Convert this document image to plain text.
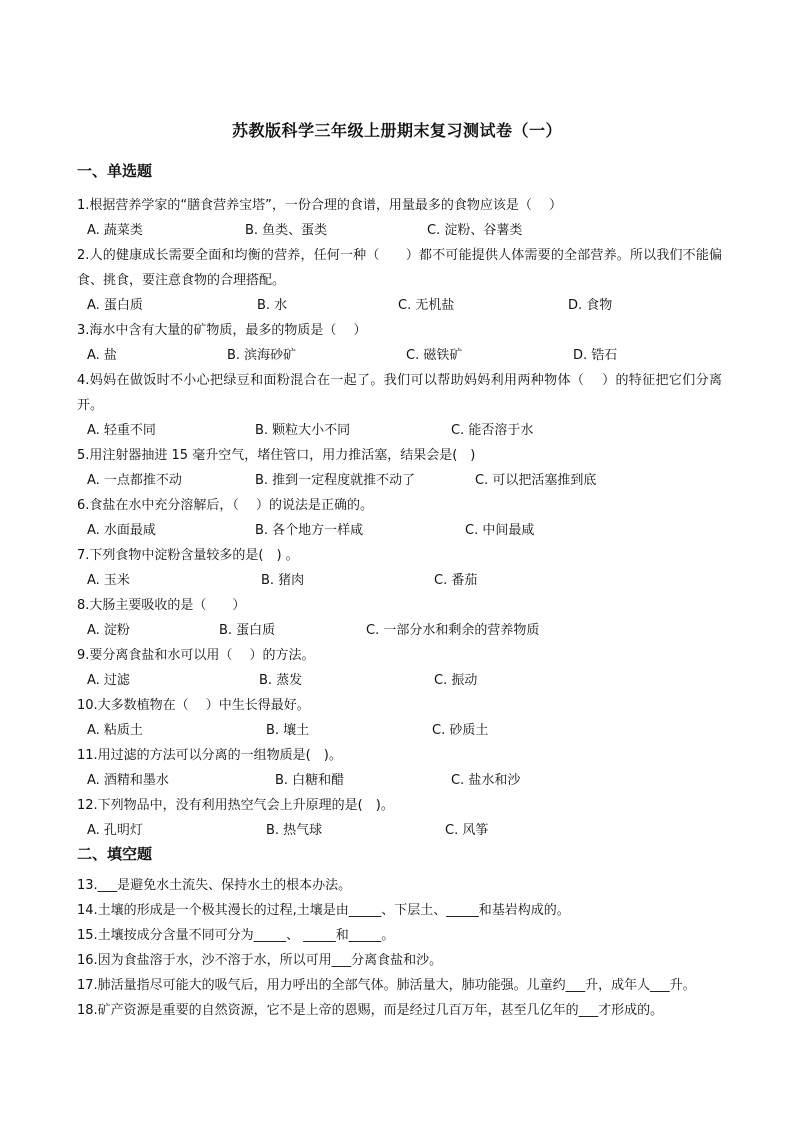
苏教版科学三年级上册期末复习测试卷（一）
一、单选题
1.根据营养学家的“膳食营养宝塔”，一份合理的食谱，用量最多的食物应该是（　 ）
A. 蔬菜类	B. 鱼类、蛋类	C. 淀粉、谷薯类
2.人的健康成长需要全面和均衡的营养，任何一种（　　）都不可能提供人体需要的全部营养。所以我们不能偏食、挑食，要注意食物的合理搭配。
A. 蛋白质	B. 水	C. 无机盐	D. 食物
3.海水中含有大量的矿物质，最多的物质是（　 ）
A. 盐	B. 滨海砂矿	C. 磁铁矿	D. 锆石
4.妈妈在做饭时不小心把绿豆和面粉混合在一起了。我们可以帮助妈妈利用两种物体（　 ）的特征把它们分离开。
A. 轻重不同	B. 颗粒大小不同	C. 能否溶于水
5.用注射器抽进 15 毫升空气，堵住管口，用力推活塞，结果会是(　)
A. 一点都推不动	B. 推到一定程度就推不动了	C. 可以把活塞推到底
6.食盐在水中充分溶解后，（　 ）的说法是正确的。
A. 水面最咸	B. 各个地方一样咸	C. 中间最咸
7.下列食物中淀粉含量较多的是(　) 。
A. 玉米	B. 猪肉	C. 番茄
8.大肠主要吸收的是（　　）
A. 淀粉	B. 蛋白质	C. 一部分水和剩余的营养物质
9.要分离食盐和水可以用（　 ）的方法。
A. 过滤	B. 蒸发	C. 振动
10.大多数植物在（　 ）中生长得最好。
A. 粘质土	B. 壤土	C. 砂质土
11.用过滤的方法可以分离的一组物质是(　)。
A. 酒精和墨水	B. 白糖和醋	C. 盐水和沙
12.下列物品中，没有利用热空气会上升原理的是(　)。
A. 孔明灯	B. 热气球	C. 风筝
二、填空题
13.___是避免水土流失、保持水土的根本办法。
14.土壤的形成是一个极其漫长的过程,土壤是由_____、下层土、_____和基岩构成的。
15.土壤按成分含量不同可分为_____、 _____和_____。
16.因为食盐溶于水，沙不溶于水，所以可用___分离食盐和沙。
17.肺活量指尽可能大的吸气后，用力呼出的全部气体。肺活量大，肺功能强。儿童约___升，成年人___升。
18.矿产资源是重要的自然资源，它不是上帝的恩赐，而是经过几百万年，甚至几亿年的___才形成的。
